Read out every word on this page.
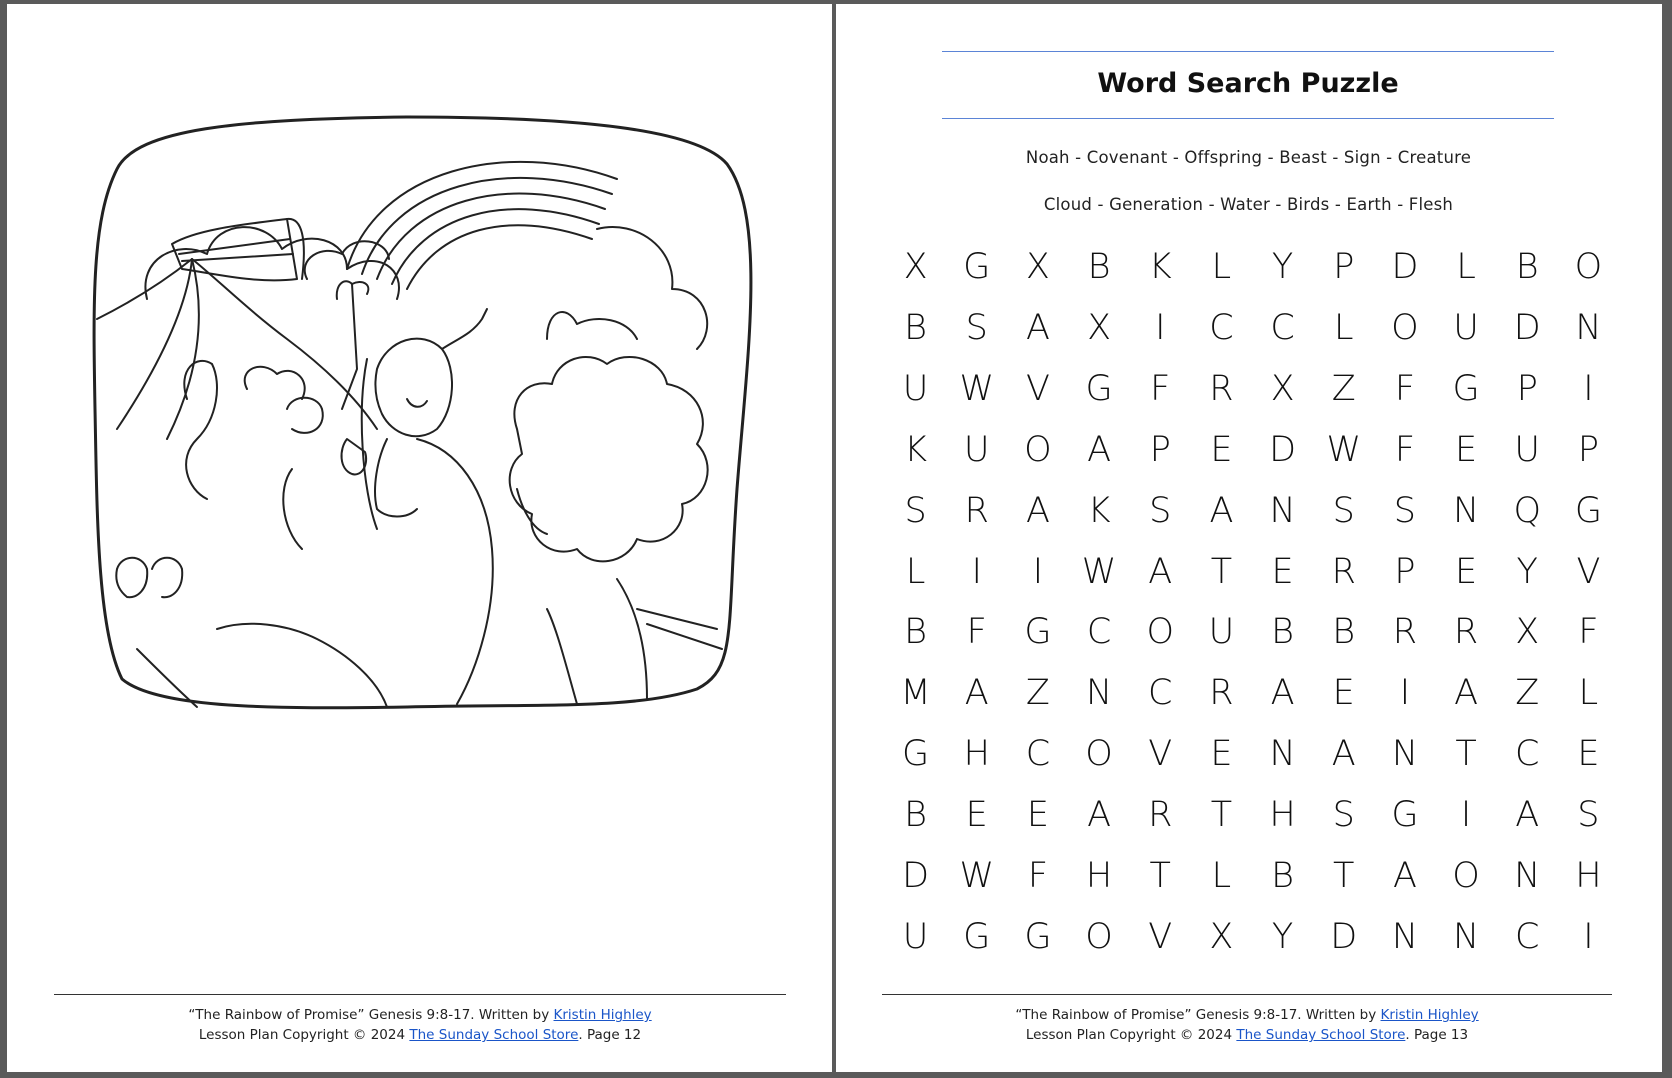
“The Rainbow of Promise” Genesis 9:8-17. Written by Kristin Highley
Lesson Plan Copyright © 2024 The Sunday School Store. Page 12
Word Search Puzzle
Noah - Covenant - Offspring - Beast - Sign - Creature
Cloud - Generation - Water - Birds - Earth - Flesh
X	G	X	B	K	L	Y	P	D	L	B	O
B	S	A	X	I	C	C	L	O U D N
U W V	G	F	R	X	Z	F	G	P	I
K	U O	A	P	E	D W F	E	U	P
S	R	A	K	S	A	N	S	S	N Q G
L	I	I	W A	T	E	R	P	E	Y	V
B	F	G	C	O U	B	B	R	R	X	F
M A	Z	N	C	R	A	E	I	A	Z	L
G H	C	O	V	E	N	A	N	T	C	E
B	E	E	A	R	T	H	S	G	I	A	S
D W F	H	T	L	B	T	A	O N H
U G G O	V	X	Y	D N N	C	I
“The Rainbow of Promise” Genesis 9:8-17. Written by Kristin Highley
Lesson Plan Copyright © 2024 The Sunday School Store. Page 13
